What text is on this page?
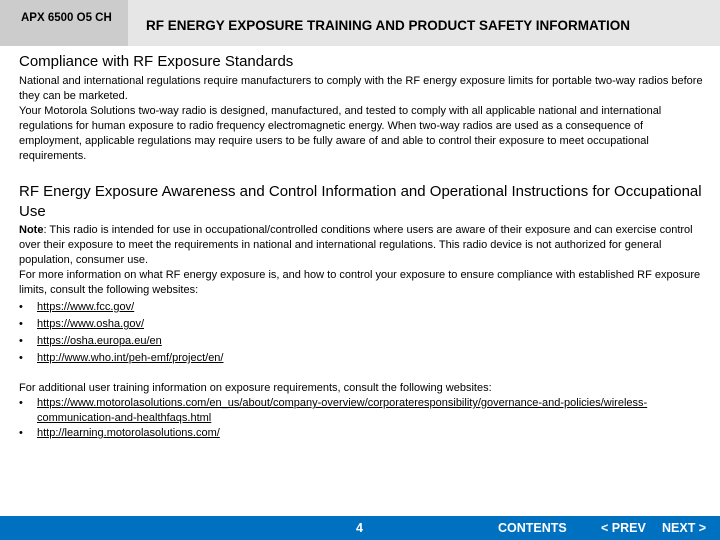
APX 6500 O5 CH	RF ENERGY EXPOSURE TRAINING AND PRODUCT SAFETY INFORMATION
Compliance with RF Exposure Standards

National and international regulations require manufacturers to comply with the RF energy exposure limits for portable two-way radios before they can be marketed.

Your Motorola Solutions two-way radio is designed, manufactured, and tested to comply with all applicable national and international regulations for human exposure to radio frequency electromagnetic energy. When two-way radios are used as a consequence of employment, applicable regulations may require users to be fully aware of and able to control their exposure to meet occupational requirements.

RF Energy Exposure Awareness and Control Information and Operational Instructions for Occupational Use

Note: This radio is intended for use in occupational/controlled conditions where users are aware of their exposure and can exercise control over their exposure to meet the requirements in national and international regulations. This radio device is not authorized for general population, consumer use.

For more information on what RF energy exposure is, and how to control your exposure to ensure compliance with established RF exposure limits, consult the following websites:

• https://www.fcc.gov/
• https://www.osha.gov/
• https://osha.europa.eu/en
• http://www.who.int/peh-emf/project/en/

For additional user training information on exposure requirements, consult the following websites:

• https://www.motorolasolutions.com/en_us/about/company-overview/corporateresponsibility/governance-and-policies/wireless-communication-and-healthfaqs.html
• http://learning.motorolasolutions.com/
4	CONTENTS	< PREV NEXT >
